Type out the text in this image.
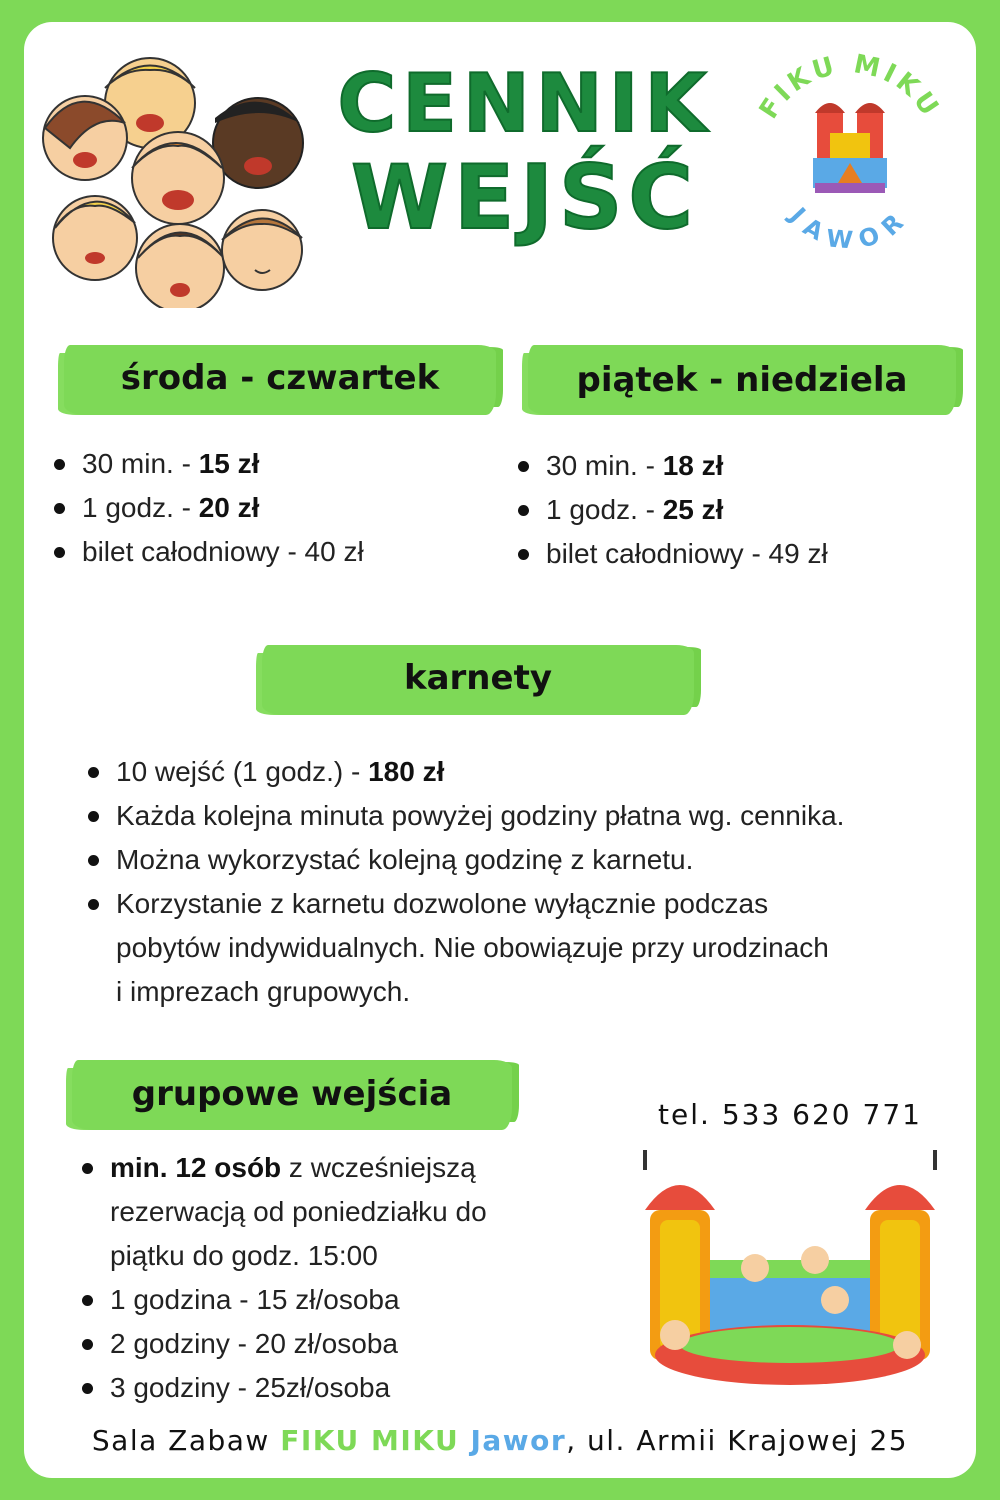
CENNIK
WEJŚĆ
FIKU MIKU
JAWOR
środa - czwartek
30 min. - 15 zł
1 godz. - 20 zł
bilet całodniowy - 40 zł
piątek - niedziela
30 min. - 18 zł
1 godz. - 25 zł
bilet całodniowy - 49 zł
karnety
10 wejść (1 godz.) - 180 zł
Każda kolejna minuta powyżej godziny płatna wg. cennika.
Można wykorzystać kolejną godzinę z karnetu.
Korzystanie z karnetu dozwolone wyłącznie podczas
pobytów indywidualnych. Nie obowiązuje przy urodzinach
i imprezach grupowych.
grupowe wejścia
min. 12 osób z wcześniejszą
rezerwacją od poniedziałku do
piątku do godz. 15:00
1 godzina - 15 zł/osoba
2 godziny - 20 zł/osoba
3 godziny - 25zł/osoba
tel. 533 620 771
Sala Zabaw FIKU MIKU Jawor, ul. Armii Krajowej 25
